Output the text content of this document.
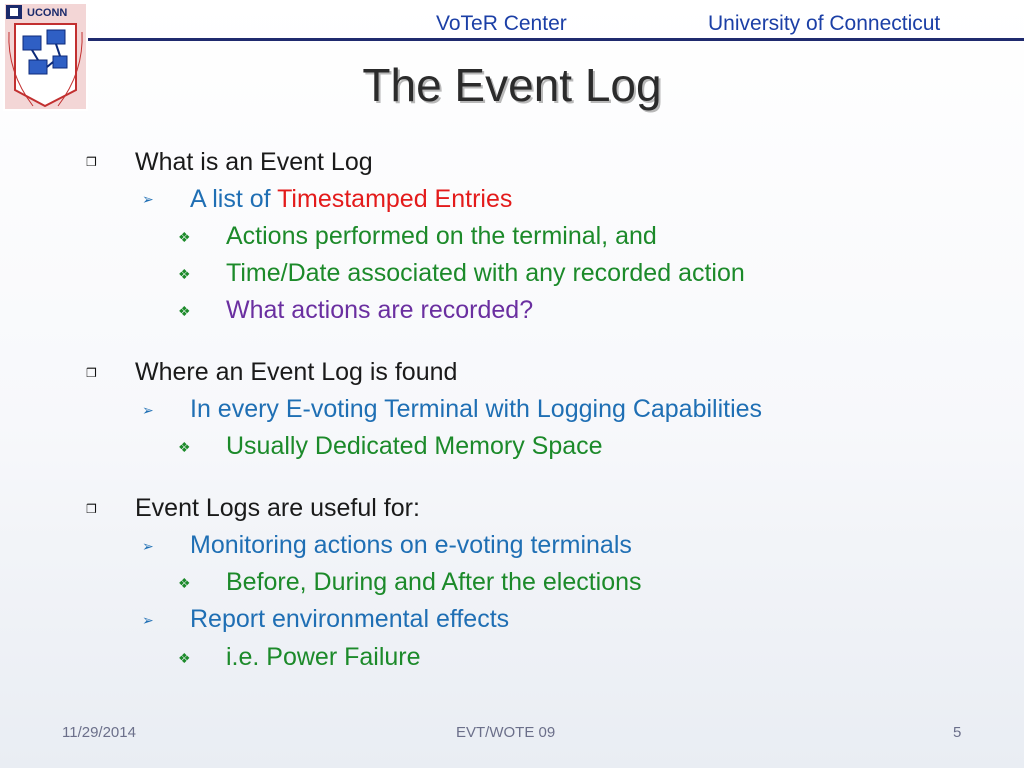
UCONN	VoTeR Center	University of Connecticut
The Event Log
❒ What is an Event Log
➢ A list of Timestamped Entries
❖ Actions performed on the terminal, and
❖ Time/Date associated with any recorded action
❖ What actions are recorded?
❒ Where an Event Log is found
➢ In every E-voting Terminal with Logging Capabilities
❖ Usually Dedicated Memory Space
❒ Event Logs are useful for:
➢ Monitoring actions on e-voting terminals
❖ Before, During and After the elections
➢ Report environmental effects
❖ i.e. Power Failure
11/29/2014	EVT/WOTE 09	5
